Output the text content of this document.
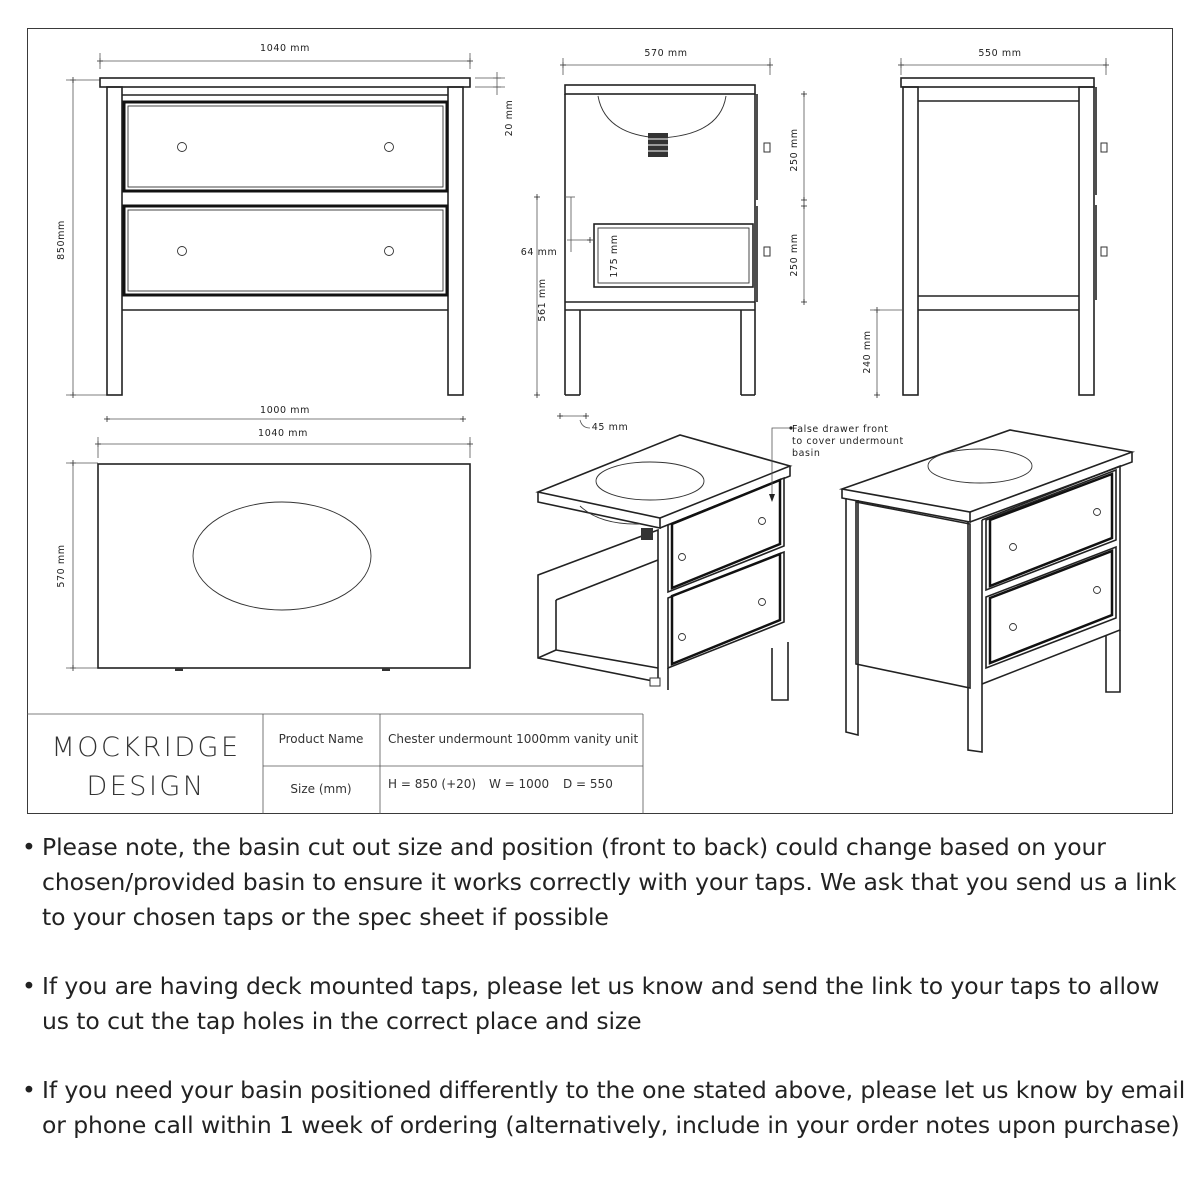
1040 mm
850mm
20 mm
1000 mm
1040 mm
570 mm
570 mm
250 mm
250 mm
64 mm	175 mm
561 mm
45 mm
550 mm
240 mm
False drawer front
to cover undermount
basin
MOCKRIDGE
DESIGN
Product Name Chester undermount 1000mm vanity unit
Size (mm)	H = 850 (+20) W = 1000 D = 550
• Please note, the basin cut out size and position (front to back) could change based on your chosen/provided basin to ensure it works correctly with your taps. We ask that you send us a link to your chosen taps or the spec sheet if possible
• If you are having deck mounted taps, please let us know and send the link to your taps to allow us to cut the tap holes in the correct place and size
• If you need your basin positioned differently to the one stated above, please let us know by email or phone call within 1 week of ordering (alternatively, include in your order notes upon purchase)
